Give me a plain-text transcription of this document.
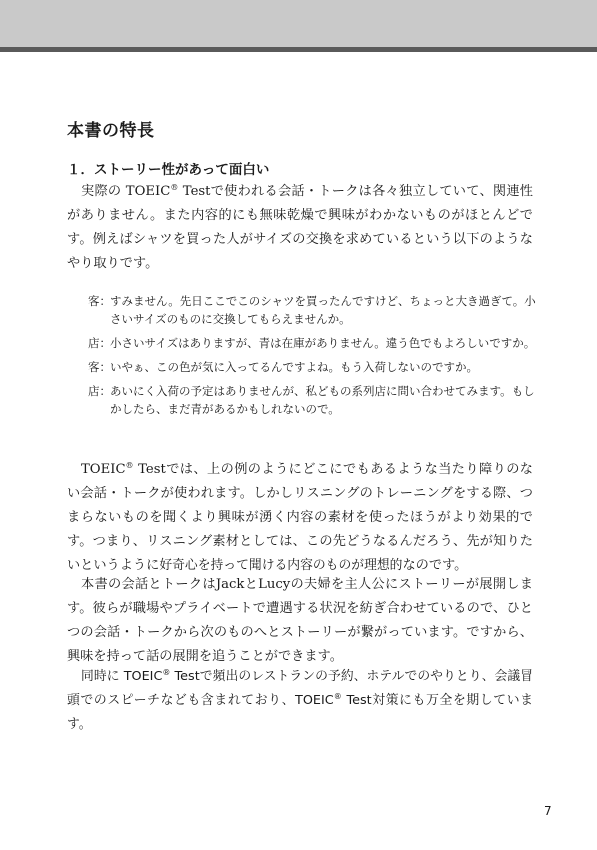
本書の特長
１．ストーリー性があって面白い

実際の TOEIC® Testで使われる会話・トークは各々独立していて、関連性がありません。また内容的にも無味乾燥で興味がわかないものがほとんどです。例えばシャツを買った人がサイズの交換を求めているという以下のようなやり取りです。

客： すみません。先日ここでこのシャツを買ったんですけど、ちょっと大き過ぎて。小さいサイズのものに交換してもらえませんか。
店： 小さいサイズはありますが、青は在庫がありません。違う色でもよろしいですか。
客： いやぁ、この色が気に入ってるんですよね。もう入荷しないのですか。
店： あいにく入荷の予定はありませんが、私どもの系列店に問い合わせてみます。もしかしたら、まだ青があるかもしれないので。

TOEIC® Testでは、上の例のようにどこにでもあるような当たり障りのない会話・トークが使われます。しかしリスニングのトレーニングをする際、つまらないものを聞くより興味が湧く内容の素材を使ったほうがより効果的です。つまり、リスニング素材としては、この先どうなるんだろう、先が知りたいというように好奇心を持って聞ける内容のものが理想的なのです。

本書の会話とトークはJackとLucyの夫婦を主人公にストーリーが展開します。彼らが職場やプライベートで遭遇する状況を紡ぎ合わせているので、ひとつの会話・トークから次のものへとストーリーが繋がっています。ですから、興味を持って話の展開を追うことができます。

同時に TOEIC® Testで頻出のレストランの予約、ホテルでのやりとり、会議冒頭でのスピーチなども含まれており、TOEIC® Test対策にも万全を期しています。

7
